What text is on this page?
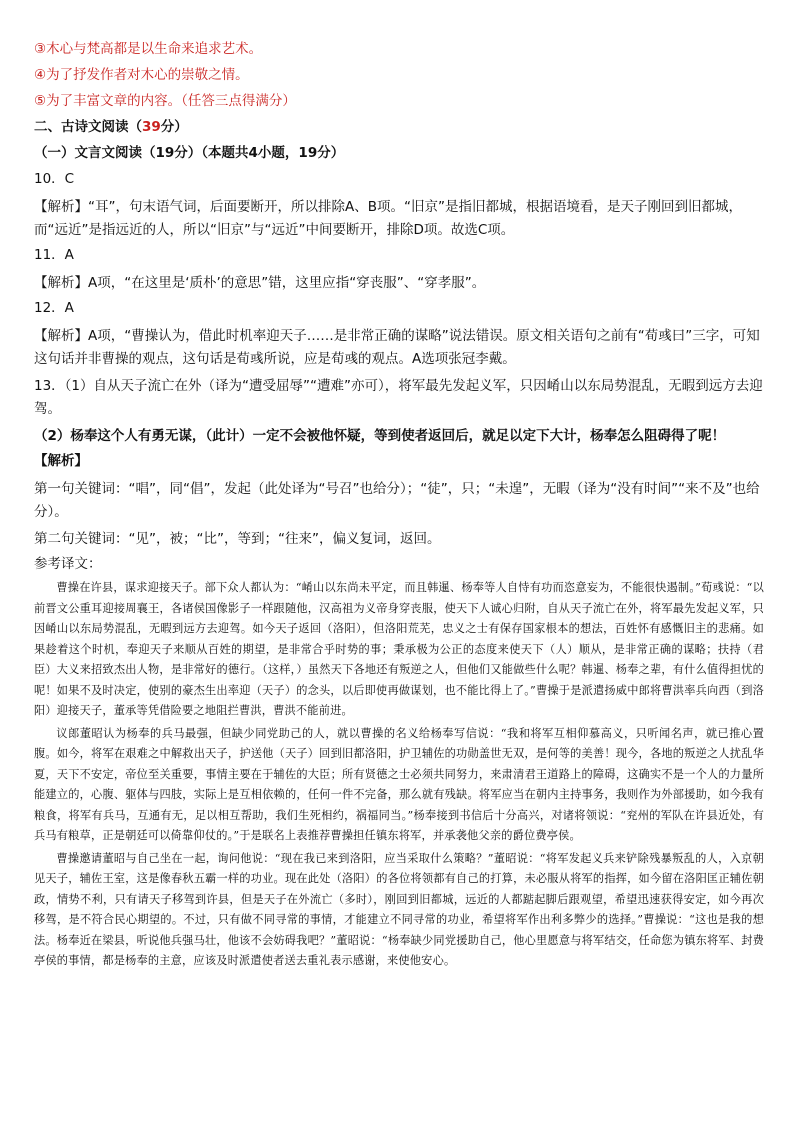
③木心与梵高都是以生命来追求艺术。

④为了抒发作者对木心的崇敬之情。

⑤为了丰富文章的内容。（任答三点得满分）

二、古诗文阅读（39分）

（一）文言文阅读（19分）（本题共4小题，19分）

10．C

【解析】“耳”，句末语气词，后面要断开，所以排除A、B项。“旧京”是指旧都城，根据语境看，是天子刚回到旧都城，而“远近”是指远近的人，所以“旧京”与“远近”中间要断开，排除D项。故选C项。

11．A

【解析】A项，“在这里是‘质朴’的意思”错，这里应指“穿丧服”、“穿孝服”。

12．A

【解析】A项，“曹操认为，借此时机率迎天子……是非常正确的谋略”说法错误。原文相关语句之前有“荀彧曰”三字，可知这句话并非曹操的观点，这句话是荀彧所说，应是荀彧的观点。A选项张冠李戴。

13．（1）自从天子流亡在外（译为“遭受屈辱”“遭难”亦可），将军最先发起义军，只因崤山以东局势混乱，无暇到远方去迎驾。

（2）杨奉这个人有勇无谋，（此计）一定不会被他怀疑，等到使者返回后，就足以定下大计，杨奉怎么阻碍得了呢！

【解析】

第一句关键词：“唱”，同“倡”，发起（此处译为“号召”也给分）；“徒”，只；“未遑”，无暇（译为“没有时间”“来不及”也给分）。

第二句关键词：“见”，被；“比”，等到；“往来”，偏义复词，返回。

参考译文：

曹操在许县，谋求迎接天子。部下众人都认为：“崤山以东尚未平定，而且韩暹、杨奉等人自恃有功而恣意妄为，不能很快遏制。”荀彧说：“以前晋文公重耳迎接周襄王，各诸侯国像影子一样跟随他，汉高祖为义帝身穿丧服，使天下人诚心归附，自从天子流亡在外，将军最先发起义军，只因崤山以东局势混乱，无暇到远方去迎驾。如今天子返回（洛阳），但洛阳荒芜，忠义之士有保存国家根本的想法，百姓怀有感慨旧主的悲痛。如果趁着这个时机，奉迎天子来顺从百姓的期望，是非常合乎时势的事；秉承极为公正的态度来使天下（人）顺从，是非常正确的谋略；扶持（君臣）大义来招致杰出人物，是非常好的德行。（这样，）虽然天下各地还有叛逆之人，但他们又能做些什么呢？韩暹、杨奉之辈，有什么值得担忧的呢！如果不及时决定，使别的豪杰生出率迎（天子）的念头，以后即使再做谋划，也不能比得上了。”曹操于是派遣扬威中郎将曹洪率兵向西（到洛阳）迎接天子，董承等凭借险要之地阻拦曹洪，曹洪不能前进。

议郎董昭认为杨奉的兵马最强，但缺少同党助己的人，就以曹操的名义给杨奉写信说：“我和将军互相仰慕高义，只听闻名声，就已推心置腹。如今，将军在艰难之中解救出天子，护送他（天子）回到旧都洛阳，护卫辅佐的功勋盖世无双，是何等的美善！现今，各地的叛逆之人扰乱华夏，天下不安定，帝位至关重要，事情主要在于辅佐的大臣；所有贤德之士必须共同努力，来肃清君王道路上的障碍，这确实不是一个人的力量所能建立的，心腹、躯体与四肢，实际上是互相依赖的，任何一件不完备，那么就有残缺。将军应当在朝内主持事务，我则作为外部援助，如今我有粮食，将军有兵马，互通有无，足以相互帮助，我们生死相约，祸福同当。”杨奉接到书信后十分高兴，对诸将领说：“兖州的军队在许县近处，有兵马有粮草，正是朝廷可以倚靠仰仗的。”于是联名上表推荐曹操担任镇东将军，并承袭他父亲的爵位费亭侯。

曹操邀请董昭与自己坐在一起，询问他说：“现在我已来到洛阳，应当采取什么策略？”董昭说：“将军发起义兵来铲除残暴叛乱的人，入京朝见天子，辅佐王室，这是像春秋五霸一样的功业。现在此处（洛阳）的各位将领都有自己的打算，未必服从将军的指挥，如今留在洛阳匡正辅佐朝政，情势不利，只有请天子移驾到许县，但是天子在外流亡（多时），刚回到旧都城，远近的人都踮起脚后跟观望，希望迅速获得安定，如今再次移驾，是不符合民心期望的。不过，只有做不同寻常的事情，才能建立不同寻常的功业，希望将军作出利多弊少的选择。”曹操说：“这也是我的想法。杨奉近在梁县，听说他兵强马壮，他该不会妨碍我吧？”董昭说：“杨奉缺少同党援助自己，他心里愿意与将军结交，任命您为镇东将军、封费亭侯的事情，都是杨奉的主意，应该及时派遣使者送去重礼表示感谢，来使他安心。
